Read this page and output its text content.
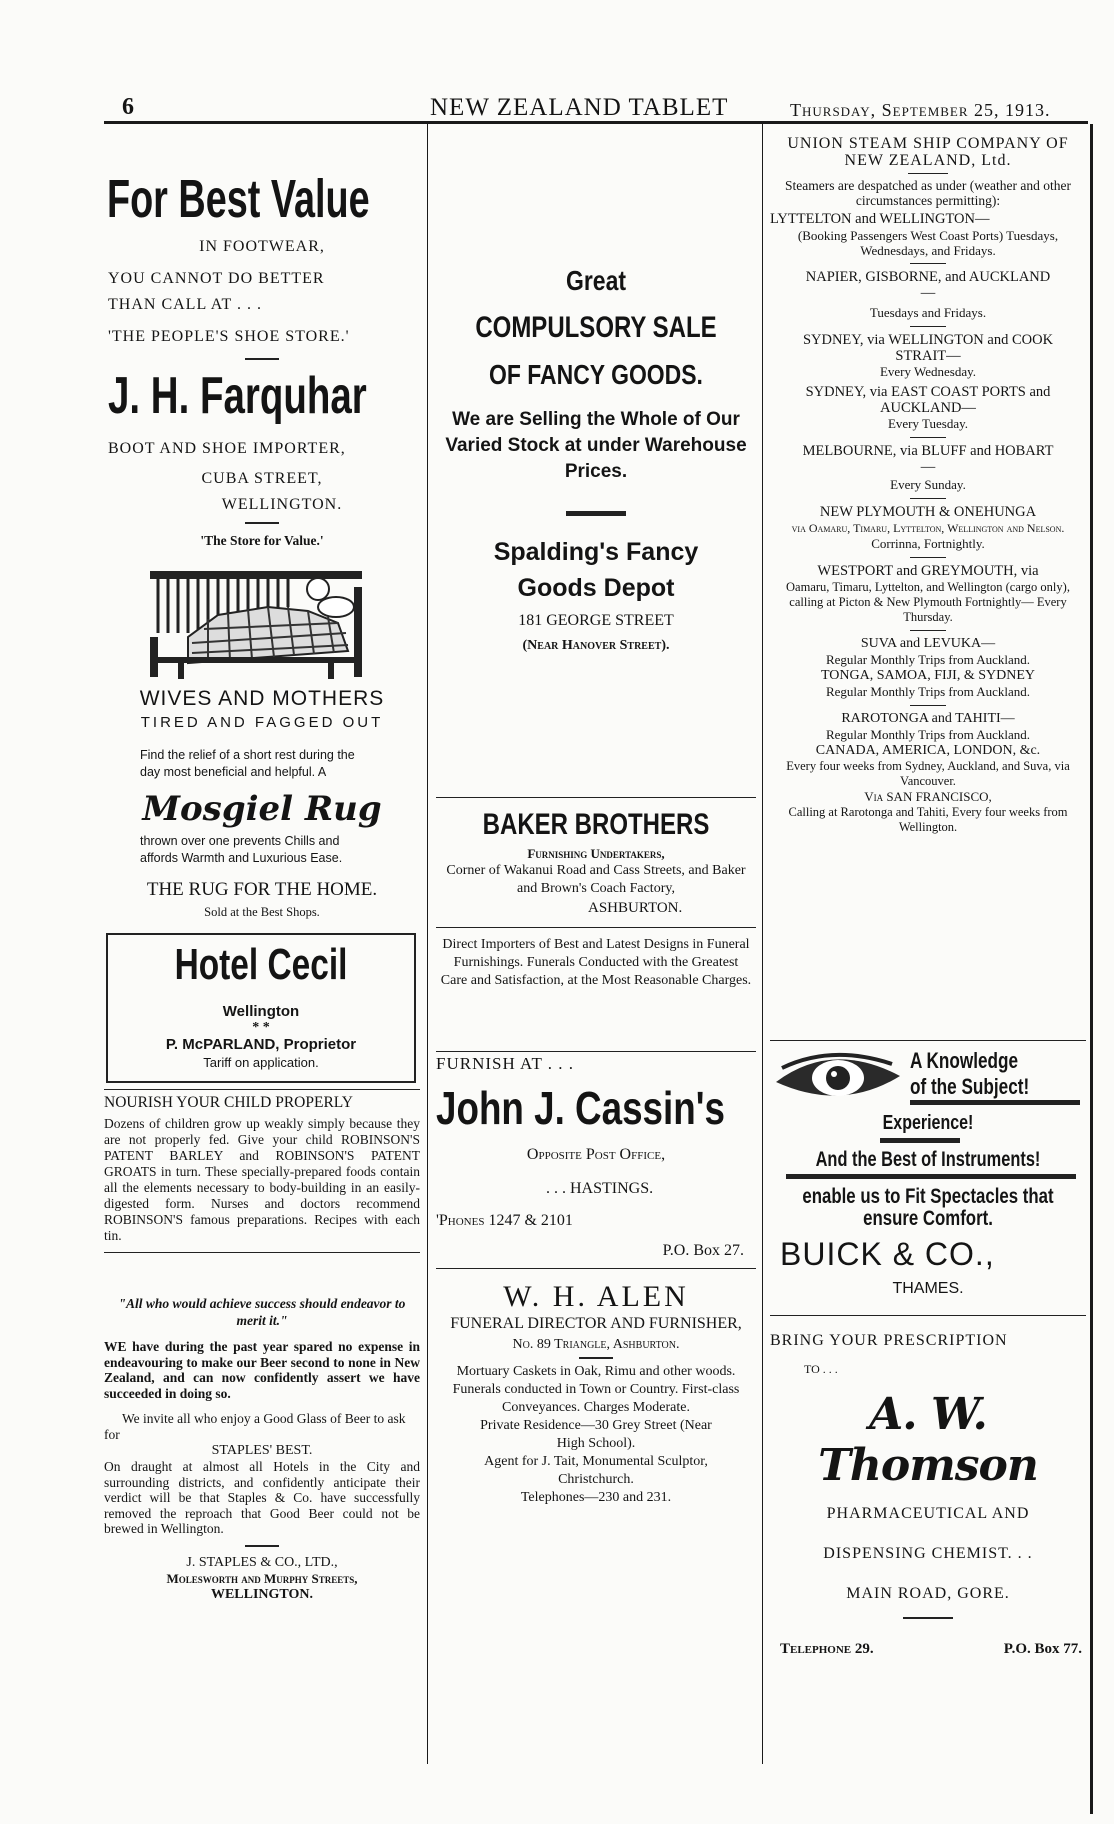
6	NEW ZEALAND TABLET	Thursday, September 25, 1913.
For Best Value
IN FOOTWEAR,
YOU CANNOT DO BETTER
THAN CALL AT . . .
'THE PEOPLE'S SHOE STORE.'
J. H. Farquhar
BOOT AND SHOE IMPORTER,
CUBA STREET,
WELLINGTON.
'The Store for Value.'
WIVES AND MOTHERS
TIRED AND FAGGED OUT
Find the relief of a short rest during the day most beneficial and helpful. A
Mosgiel Rug
thrown over one prevents Chills and affords Warmth and Luxurious Ease.
THE RUG FOR THE HOME.
Sold at the Best Shops.
Hotel Cecil
Wellington
* *
P. McPARLAND, Proprietor
Tariff on application.
NOURISH YOUR CHILD PROPERLY

Dozens of children grow up weakly simply because they are not properly fed. Give your child ROBINSON'S PATENT BARLEY and ROBINSON'S PATENT GROATS in turn. These specially-prepared foods contain all the elements necessary to body-building in an easily-digested form. Nurses and doctors recommend ROBINSON'S famous preparations. Recipes with each tin.

"All who would achieve success should endeavor to merit it."

WE have during the past year spared no expense in endeavouring to make our Beer second to none in New Zealand, and can now confidently assert we have succeeded in doing so.

We invite all who enjoy a Good Glass of Beer to ask for

STAPLES' BEST.

On draught at almost all Hotels in the City and surrounding districts, and confidently anticipate their verdict will be that Staples & Co. have successfully removed the reproach that Good Beer could not be brewed in Wellington.

J. STAPLES & CO., LTD.,
Molesworth and Murphy Streets,
WELLINGTON.
Great
COMPULSORY SALE
OF FANCY GOODS.
We are Selling the Whole of Our Varied Stock at under Warehouse Prices.
Spalding's Fancy Goods Depot
181 GEORGE STREET
(Near Hanover Street).
BAKER BROTHERS
Furnishing Undertakers,
Corner of Wakanui Road and Cass Streets, and Baker and Brown's Coach Factory,
ASHBURTON.

Direct Importers of Best and Latest Designs in Funeral Furnishings. Funerals Conducted with the Greatest Care and Satisfaction, at the Most Reasonable Charges.

FURNISH AT . . .
John J. Cassin's
Opposite Post Office,
. . . HASTINGS.
'Phones 1247 & 2101
P.O. Box 27.
W. H. ALEN
FUNERAL DIRECTOR AND FURNISHER,
No. 89 Triangle, Ashburton.

Mortuary Caskets in Oak, Rimu and other woods. Funerals conducted in Town or Country. First-class Conveyances. Charges Moderate.

Private Residence—30 Grey Street (Near High School).

Agent for J. Tait, Monumental Sculptor, Christchurch.

Telephones—230 and 231.
UNION STEAM SHIP COMPANY OF NEW ZEALAND, Ltd.
Steamers are despatched as under (weather and other circumstances permitting):
LYTTELTON and WELLINGTON—
(Booking Passengers West Coast Ports) Tuesdays, Wednesdays, and Fridays.
NAPIER, GISBORNE, and AUCKLAND—
Tuesdays and Fridays.
SYDNEY, via WELLINGTON and COOK STRAIT—
Every Wednesday.
SYDNEY, via EAST COAST PORTS and AUCKLAND—
Every Tuesday.
MELBOURNE, via BLUFF and HOBART—
Every Sunday.
NEW PLYMOUTH & ONEHUNGA
via Oamaru, Timaru, Lyttelton, Wellington and Nelson.
Corrinna, Fortnightly.
WESTPORT and GREYMOUTH, via
Oamaru, Timaru, Lyttelton, and Wellington (cargo only), calling at Picton & New Plymouth Fortnightly— Every Thursday.
SUVA and LEVUKA—
Regular Monthly Trips from Auckland.
TONGA, SAMOA, FIJI, & SYDNEY
Regular Monthly Trips from Auckland.
RAROTONGA and TAHITI—
Regular Monthly Trips from Auckland.
CANADA, AMERICA, LONDON, &c.
Every four weeks from Sydney, Auckland, and Suva, via Vancouver.
Via SAN FRANCISCO,
Calling at Rarotonga and Tahiti, Every four weeks from Wellington.
A Knowledge
of the Subject!
Experience!
And the Best of Instruments!
enable us to Fit Spectacles that ensure Comfort.
BUICK & CO.,
THAMES.
BRING YOUR PRESCRIPTION
TO . . .
A. W. Thomson
PHARMACEUTICAL AND
DISPENSING CHEMIST. . .
MAIN ROAD, GORE.
Telephone 29.	P.O. Box 77.
